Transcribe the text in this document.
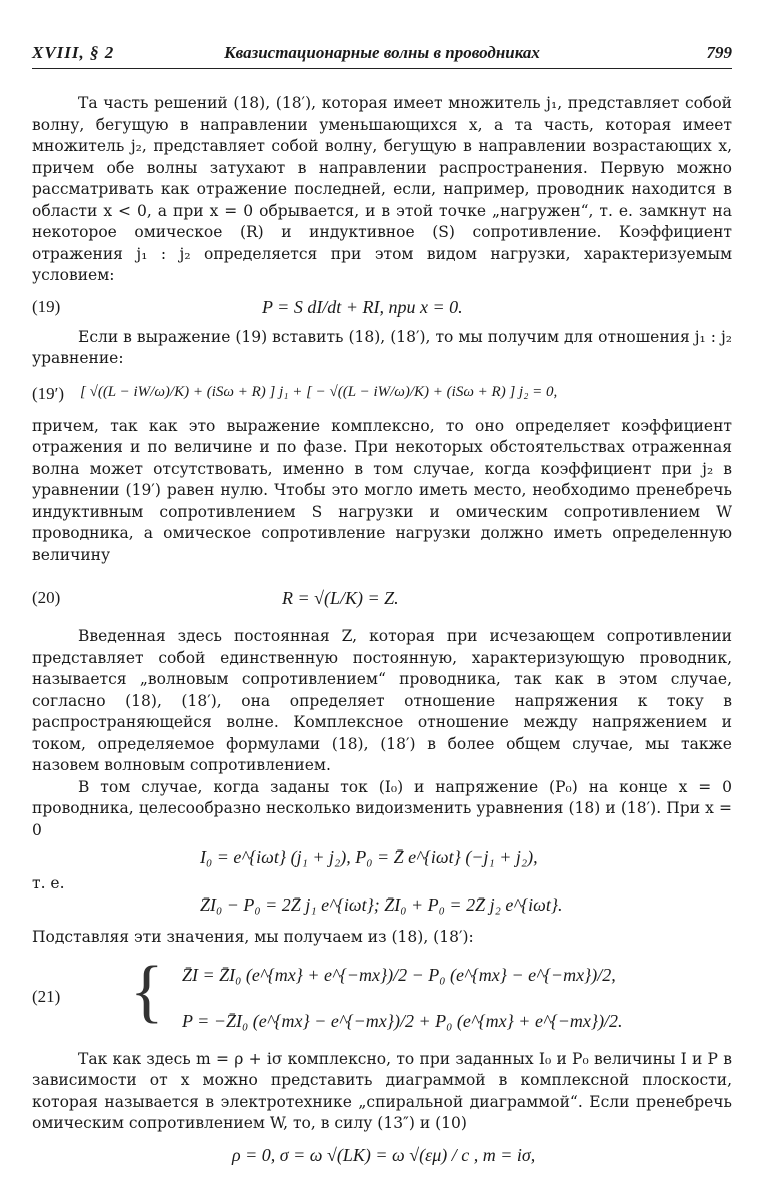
XVIII, § 2	Квазистационарные волны в проводниках	799

Та часть решений (18), (18′), которая имеет множитель j₁, представляет собой волну, бегущую в направлении уменьшающихся x, а та часть, которая имеет множитель j₂, представляет собой волну, бегущую в направлении возрастающих x, причем обе волны затухают в направлении распространения. Первую можно рассматривать как отражение последней, если, например, проводник находится в области x < 0, а при x = 0 обрывается, и в этой точке „нагружен“, т. е. замкнут на некоторое омическое (R) и индуктивное (S) сопротивление. Коэффициент отражения j₁ : j₂ определяется при этом видом нагрузки, характеризуемым условием:

(19)	P = S dI/dt + RI, при x = 0.

Если в выражение (19) вставить (18), (18′), то мы получим для отношения j₁ : j₂ уравнение:

(19′) [ √((L − iW/ω)/K) + (iSω + R) ] j₁ + [ − √((L − iW/ω)/K) + (iSω + R) ] j₂ = 0,

причем, так как это выражение комплексно, то оно определяет коэффициент отражения и по величине и по фазе. При некоторых обстоятельствах отраженная волна может отсутствовать, именно в том случае, когда коэффициент при j₂ в уравнении (19′) равен нулю. Чтобы это могло иметь место, необходимо пренебречь индуктивным сопротивлением S нагрузки и омическим сопротивлением W проводника, а омическое сопротивление нагрузки должно иметь определенную величину

(20)	R = √(L/K) = Z.

Введенная здесь постоянная Z, которая при исчезающем сопротивлении представляет собой единственную постоянную, характеризующую проводник, называется „волновым сопротивлением“ проводника, так как в этом случае, согласно (18), (18′), она определяет отношение напряжения к току в распространяющейся волне. Комплексное отношение между напряжением и током, определяемое формулами (18), (18′) в более общем случае, мы также назовем волновым сопротивлением.

В том случае, когда заданы ток (I₀) и напряжение (P₀) на конце x = 0 проводника, целесообразно несколько видоизменить уравнения (18) и (18′). При x = 0

I₀ = e^{iωt} (j₁ + j₂), P₀ = Z̄ e^{iωt} (−j₁ + j₂),

т. е.

Z̄I₀ − P₀ = 2Z̄ j₁ e^{iωt}; Z̄I₀ + P₀ = 2Z̄ j₂ e^{iωt}.

Подставляя эти значения, мы получаем из (18), (18′):

(21) { Z̄I = Z̄I₀ (e^{mx} + e^{−mx})/2 − P₀ (e^{mx} − e^{−mx})/2,
P = −Z̄I₀ (e^{mx} − e^{−mx})/2 + P₀ (e^{mx} + e^{−mx})/2.

Так как здесь m = ρ + iσ комплексно, то при заданных I₀ и P₀ величины I и P в зависимости от x можно представить диаграммой в комплексной плоскости, которая называется в электротехнике „спиральной диаграммой“. Если пренебречь омическим сопротивлением W, то, в силу (13″) и (10)

ρ = 0, σ = ω √(LK) = ω √(εμ) / c , m = iσ,
